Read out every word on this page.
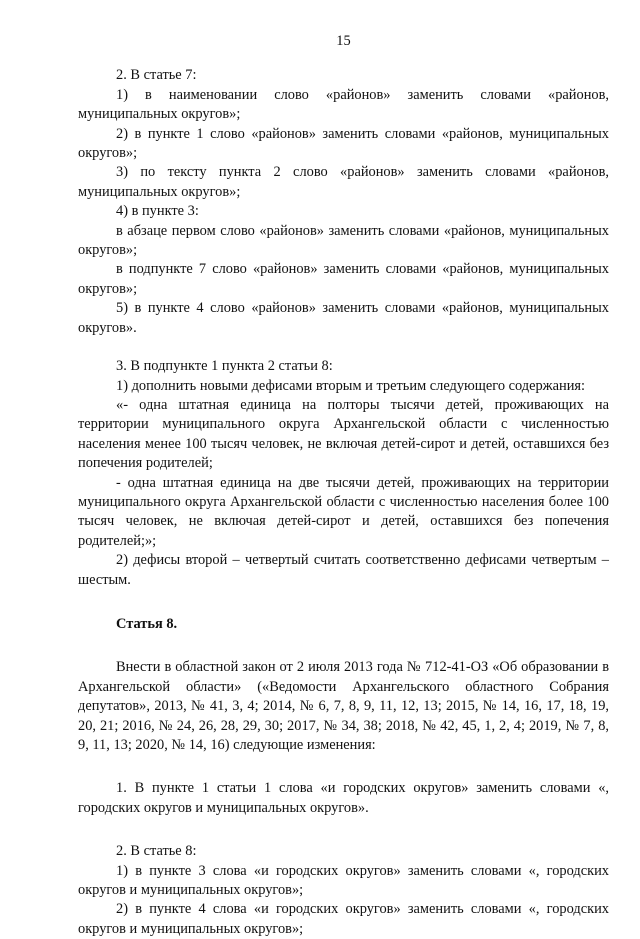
15

2. В статье 7:

1) в наименовании слово «районов» заменить словами «районов, муниципальных округов»;

2) в пункте 1 слово «районов» заменить словами «районов, муниципальных округов»;

3) по тексту пункта 2 слово «районов» заменить словами «районов, муниципальных округов»;

4) в пункте 3:

в абзаце первом слово «районов» заменить словами «районов, муниципальных округов»;

в подпункте 7 слово «районов» заменить словами «районов, муниципальных округов»;

5) в пункте 4 слово «районов» заменить словами «районов, муниципальных округов».

3. В подпункте 1 пункта 2 статьи 8:

1) дополнить новыми дефисами вторым и третьим следующего содержания:

«- одна штатная единица на полторы тысячи детей, проживающих на территории муниципального округа Архангельской области с численностью населения менее 100 тысяч человек, не включая детей-сирот и детей, оставшихся без попечения родителей;

- одна штатная единица на две тысячи детей, проживающих на территории муниципального округа Архангельской области с численностью населения более 100 тысяч человек, не включая детей-сирот и детей, оставшихся без попечения родителей;»;

2) дефисы второй – четвертый считать соответственно дефисами четвертым – шестым.

Статья 8.

Внести в областной закон от 2 июля 2013 года № 712-41-ОЗ «Об образовании в Архангельской области» («Ведомости Архангельского областного Собрания депутатов», 2013, № 41, 3, 4; 2014, № 6, 7, 8, 9, 11, 12, 13; 2015, № 14, 16, 17, 18, 19, 20, 21; 2016, № 24, 26, 28, 29, 30; 2017, № 34, 38; 2018, № 42, 45, 1, 2, 4; 2019, № 7, 8, 9, 11, 13; 2020, № 14, 16) следующие изменения:

1. В пункте 1 статьи 1 слова «и городских округов» заменить словами «, городских округов и муниципальных округов».

2. В статье 8:

1) в пункте 3 слова «и городских округов» заменить словами «, городских округов и муниципальных округов»;

2) в пункте 4 слова «и городских округов» заменить словами «, городских округов и муниципальных округов»;
